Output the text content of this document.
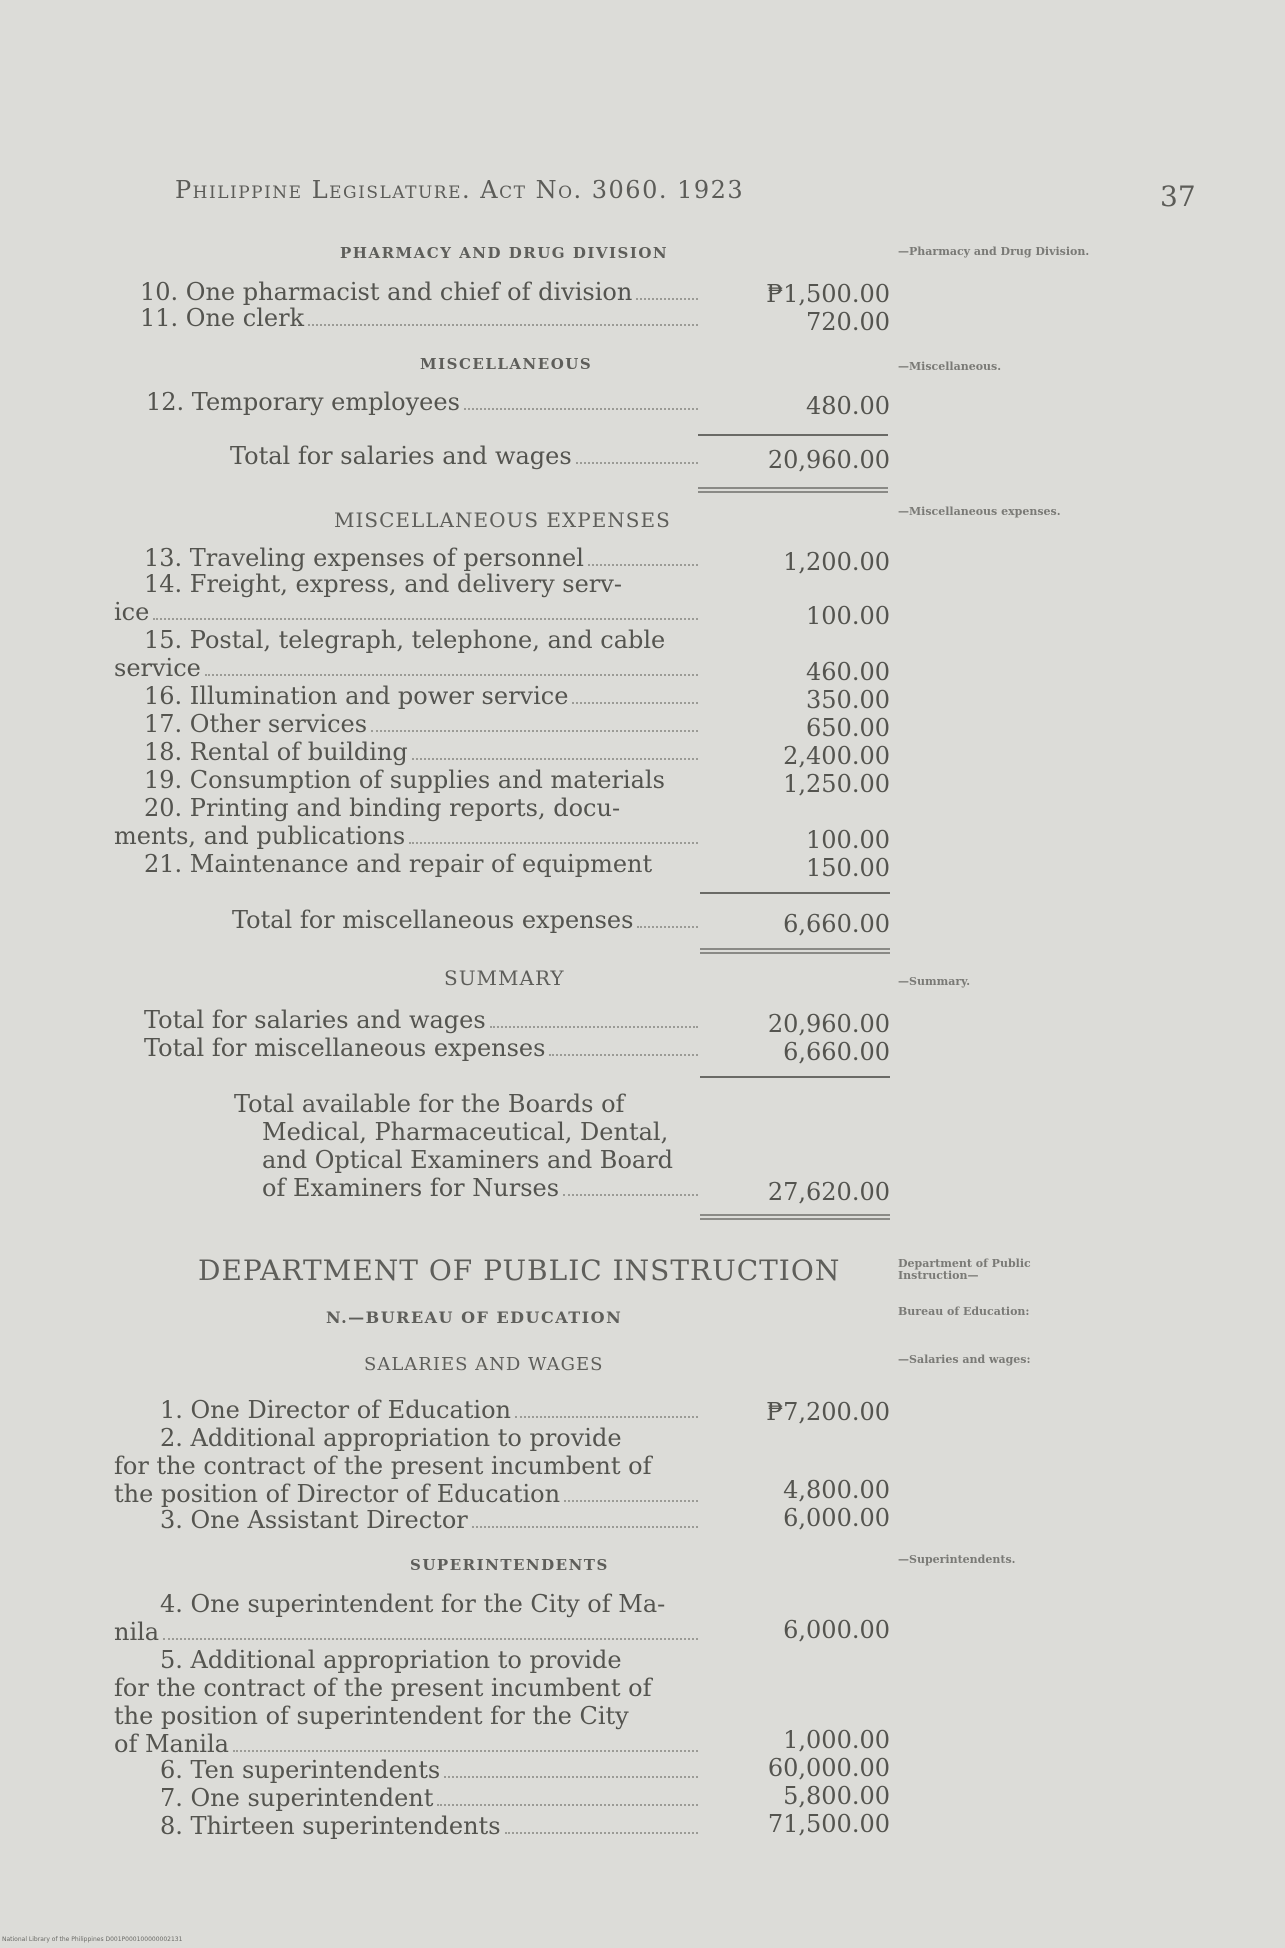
Philippine Legislature. Act No. 3060. 1923	37
PHARMACY AND DRUG DIVISION	—Pharmacy and Drug Division.
10. One pharmacist and chief of division	₱1,500.00
11. One clerk	720.00
MISCELLANEOUS	—Miscellaneous.
12. Temporary employees	480.00
Total for salaries and wages	20,960.00
MISCELLANEOUS EXPENSES	—Miscellaneous expenses.
13. Traveling expenses of personnel	1,200.00
14. Freight, express, and delivery serv-
ice	100.00
15. Postal, telegraph, telephone, and cable
service	460.00
16. Illumination and power service	350.00
17. Other services	650.00
18. Rental of building	2,400.00
19. Consumption of supplies and materials	1,250.00
20. Printing and binding reports, docu-
ments, and publications	100.00
21. Maintenance and repair of equipment	150.00
Total for miscellaneous expenses	6,660.00
SUMMARY	—Summary.
Total for salaries and wages	20,960.00
Total for miscellaneous expenses	6,660.00
Total available for the Boards of
Medical, Pharmaceutical, Dental,
and Optical Examiners and Board
of Examiners for Nurses	27,620.00
DEPARTMENT OF PUBLIC INSTRUCTION	Department of Public Instruction—
N.—BUREAU OF EDUCATION	Bureau of Education:
SALARIES AND WAGES	—Salaries and wages:
1. One Director of Education	₱7,200.00
2. Additional appropriation to provide
for the contract of the present incumbent of
the position of Director of Education	4,800.00
3. One Assistant Director	6,000.00
SUPERINTENDENTS	—Superintendents.
4. One superintendent for the City of Ma-
nila	6,000.00
5. Additional appropriation to provide
for the contract of the present incumbent of
the position of superintendent for the City
of Manila	1,000.00
6. Ten superintendents	60,000.00
7. One superintendent	5,800.00
8. Thirteen superintendents	71,500.00
National Library of the Philippines D001P000100000002131
